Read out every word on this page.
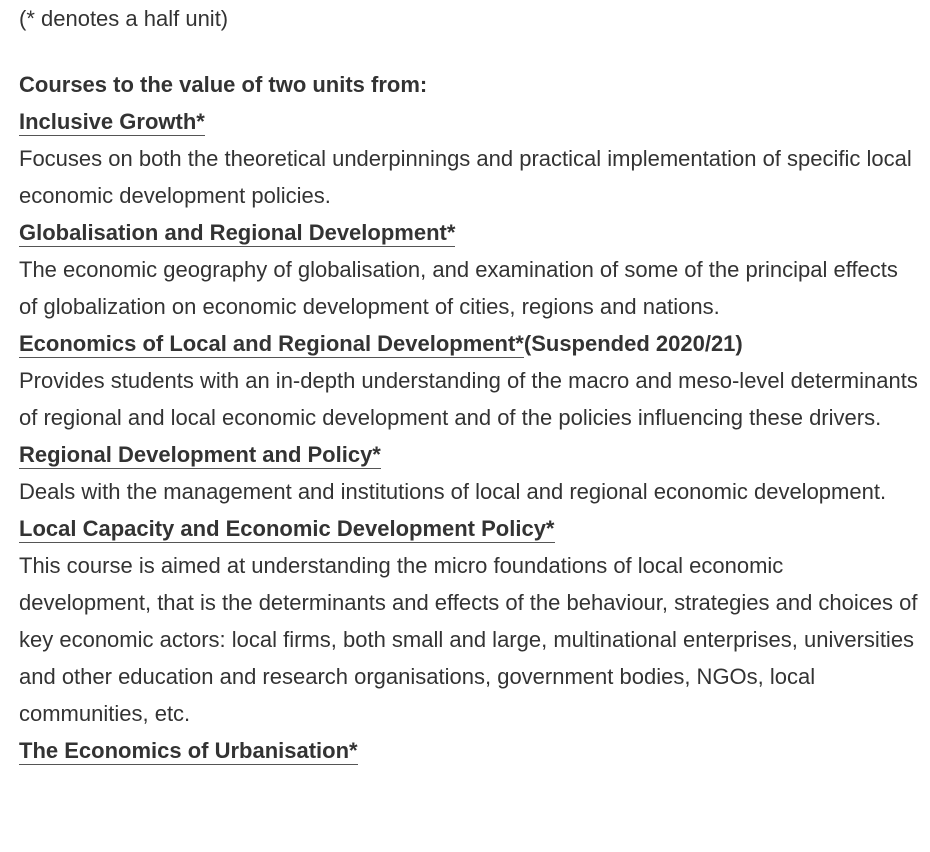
(* denotes a half unit)

Courses to the value of two units from:

Inclusive Growth*

Focuses on both the theoretical underpinnings and practical implementation of specific local economic development policies.

Globalisation and Regional Development*

The economic geography of globalisation, and examination of some of the principal effects of globalization on economic development of cities, regions and nations.

Economics of Local and Regional Development*(Suspended 2020/21)

Provides students with an in-depth understanding of the macro and meso-level determinants of regional and local economic development and of the policies influencing these drivers.

Regional Development and Policy*

Deals with the management and institutions of local and regional economic development.

Local Capacity and Economic Development Policy*

This course is aimed at understanding the micro foundations of local economic development, that is the determinants and effects of the behaviour, strategies and choices of key economic actors: local firms, both small and large, multinational enterprises, universities and other education and research organisations, government bodies, NGOs, local communities, etc.

The Economics of Urbanisation*
